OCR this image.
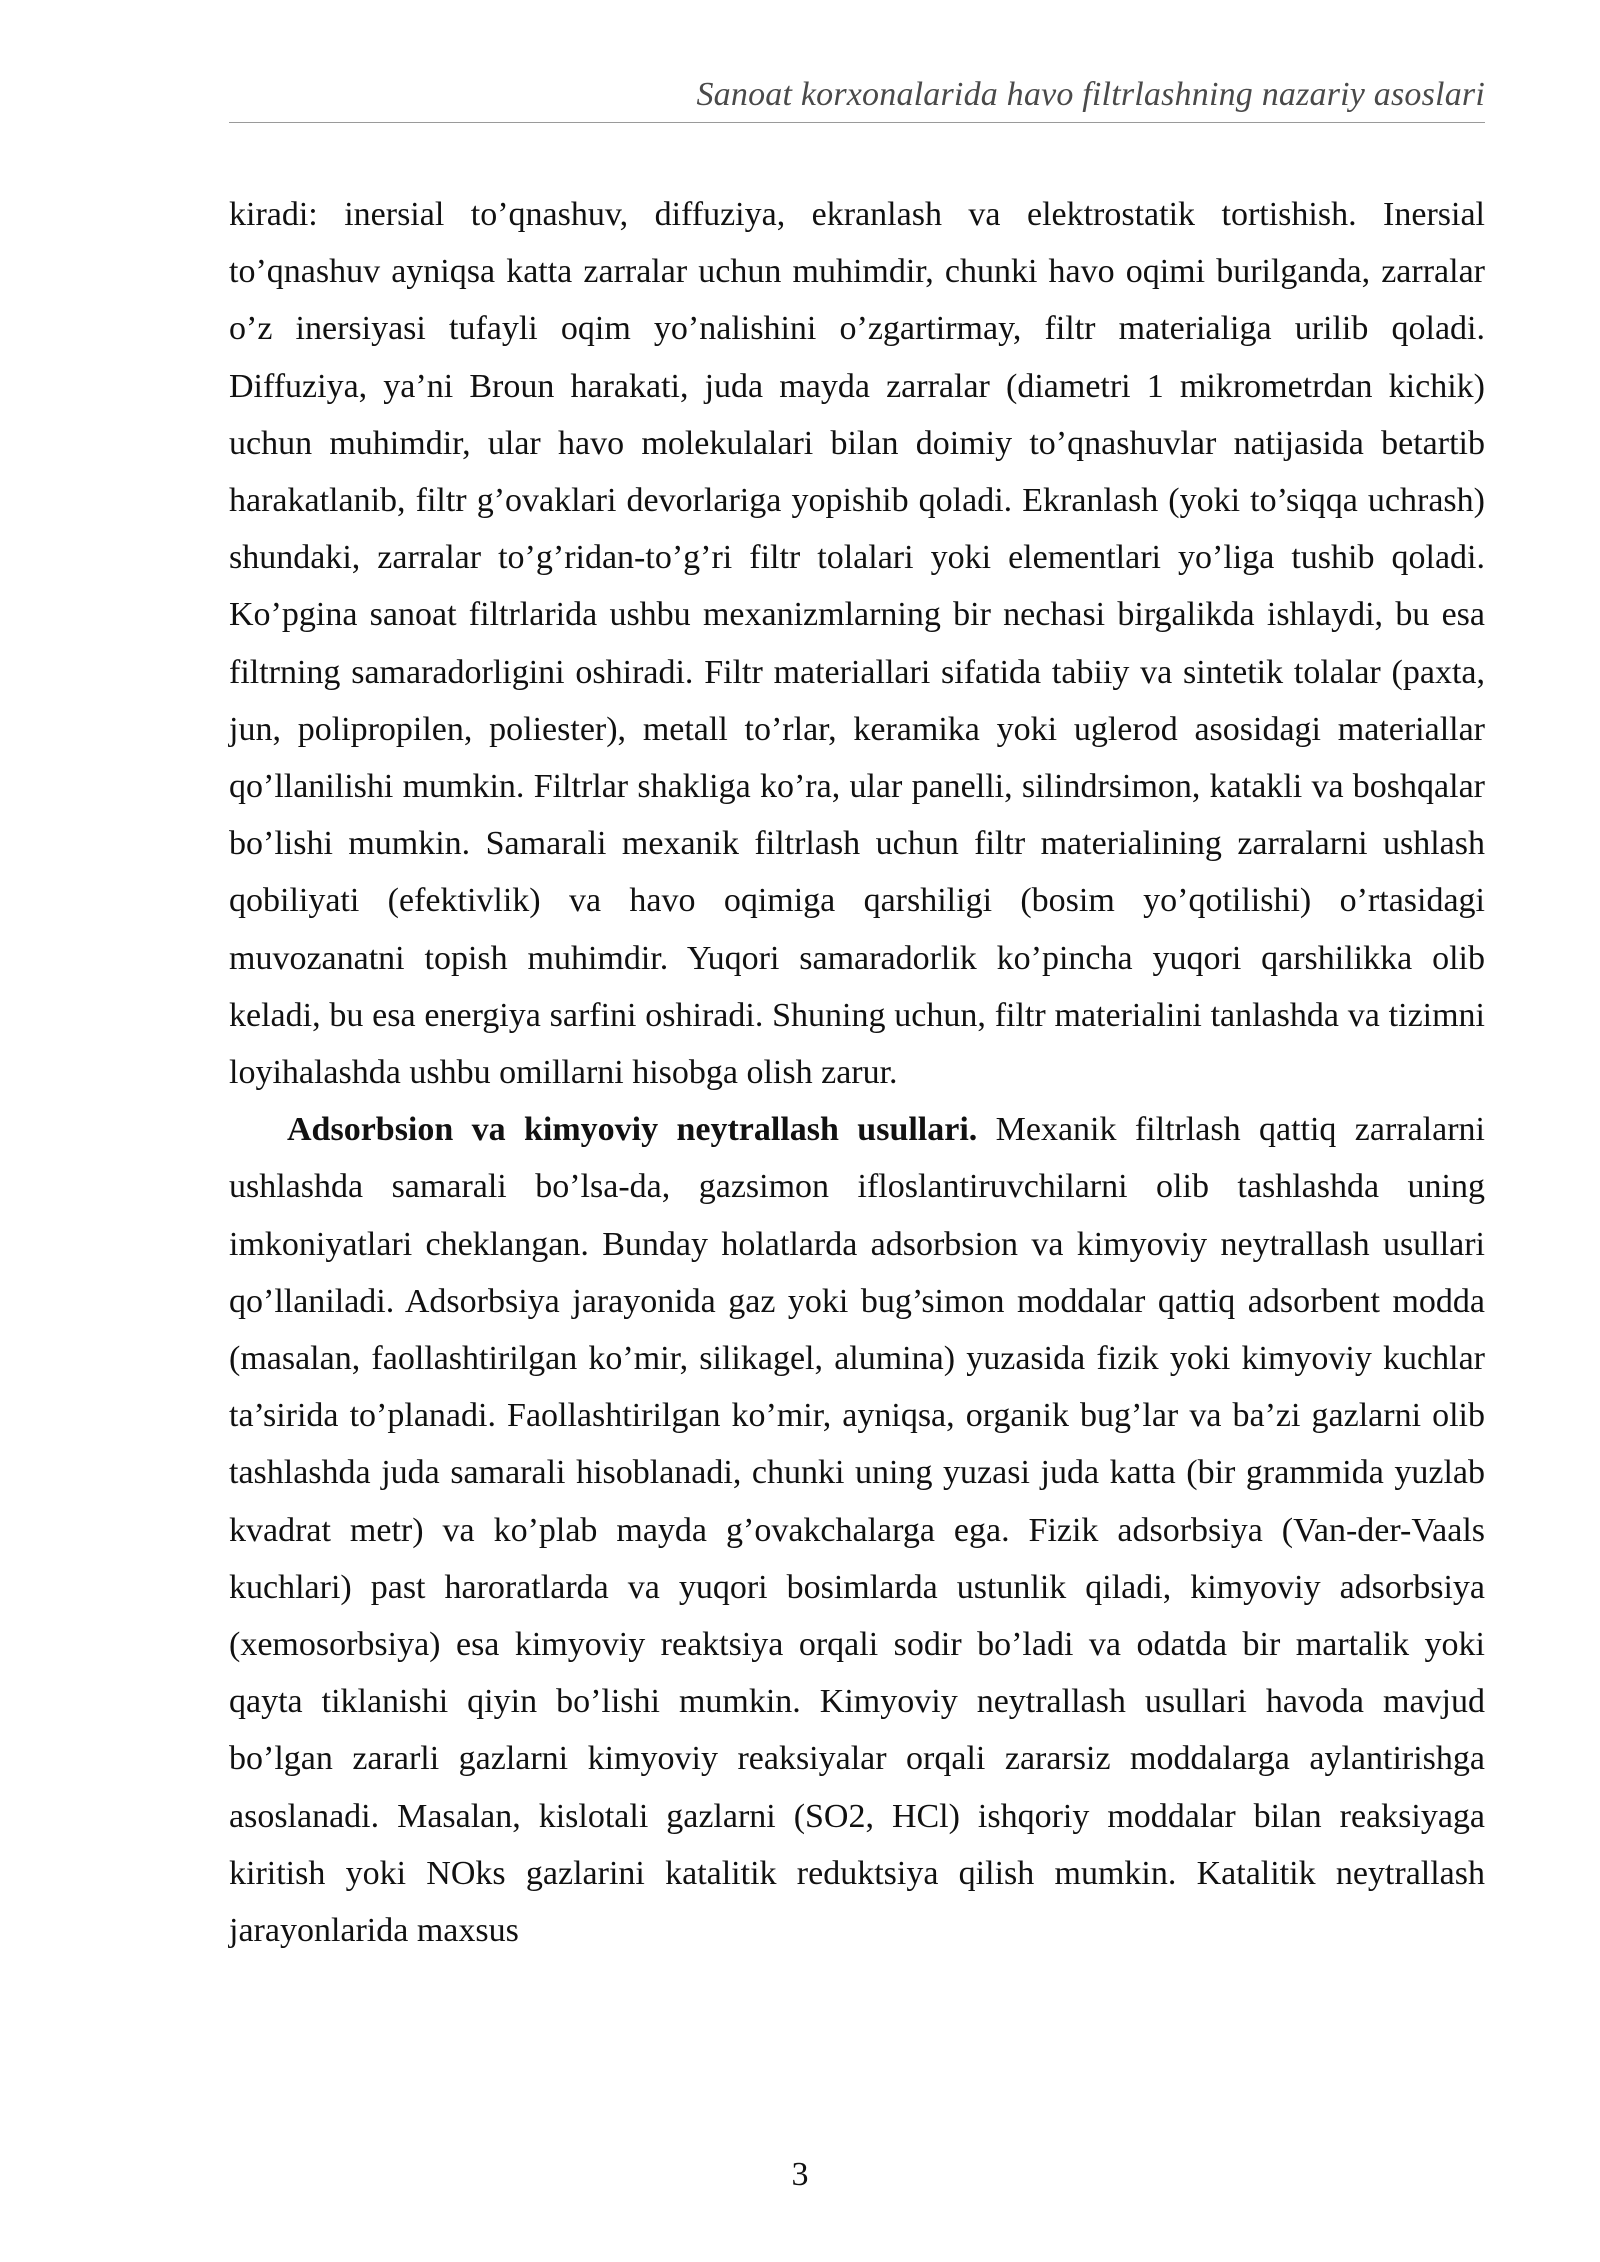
Sanoat korxonalarida havo filtrlashning nazariy asoslari

kiradi: inersial to’qnashuv, diffuziya, ekranlash va elektrostatik tortishish. Inersial to’qnashuv ayniqsa katta zarralar uchun muhimdir, chunki havo oqimi burilganda, zarralar o’z inersiyasi tufayli oqim yo’nalishini o’zgartirmay, filtr materialiga urilib qoladi. Diffuziya, ya’ni Broun harakati, juda mayda zarralar (diametri 1 mikrometrdan kichik) uchun muhimdir, ular havo molekulalari bilan doimiy to’qnashuvlar natijasida betartib harakatlanib, filtr g’ovaklari devorlariga yopishib qoladi. Ekranlash (yoki to’siqqa uchrash) shundaki, zarralar to’g’ridan-to’g’ri filtr tolalari yoki elementlari yo’liga tushib qoladi. Ko’pgina sanoat filtrlarida ushbu mexanizmlarning bir nechasi birgalikda ishlaydi, bu esa filtrning samaradorligini oshiradi. Filtr materiallari sifatida tabiiy va sintetik tolalar (paxta, jun, polipropilen, poliester), metall to’rlar, keramika yoki uglerod asosidagi materiallar qo’llanilishi mumkin. Filtrlar shakliga ko’ra, ular panelli, silindrsimon, katakli va boshqalar bo’lishi mumkin. Samarali mexanik filtrlash uchun filtr materialining zarralarni ushlash qobiliyati (efektivlik) va havo oqimiga qarshiligi (bosim yo’qotilishi) o’rtasidagi muvozanatni topish muhimdir. Yuqori samaradorlik ko’pincha yuqori qarshilikka olib keladi, bu esa energiya sarfini oshiradi. Shuning uchun, filtr materialini tanlashda va tizimni loyihalashda ushbu omillarni hisobga olish zarur.

Adsorbsion va kimyoviy neytrallash usullari. Mexanik filtrlash qattiq zarralarni ushlashda samarali bo’lsa-da, gazsimon ifloslantiruvchilarni olib tashlashda uning imkoniyatlari cheklangan. Bunday holatlarda adsorbsion va kimyoviy neytrallash usullari qo’llaniladi. Adsorbsiya jarayonida gaz yoki bug’simon moddalar qattiq adsorbent modda (masalan, faollashtirilgan ko’mir, silikagel, alumina) yuzasida fizik yoki kimyoviy kuchlar ta’sirida to’planadi. Faollashtirilgan ko’mir, ayniqsa, organik bug’lar va ba’zi gazlarni olib tashlashda juda samarali hisoblanadi, chunki uning yuzasi juda katta (bir grammida yuzlab kvadrat metr) va ko’plab mayda g’ovakchalarga ega. Fizik adsorbsiya (Van-der-Vaals kuchlari) past haroratlarda va yuqori bosimlarda ustunlik qiladi, kimyoviy adsorbsiya (xemosorbsiya) esa kimyoviy reaktsiya orqali sodir bo’ladi va odatda bir martalik yoki qayta tiklanishi qiyin bo’lishi mumkin. Kimyoviy neytrallash usullari havoda mavjud bo’lgan zararli gazlarni kimyoviy reaksiyalar orqali zararsiz moddalarga aylantirishga asoslanadi. Masalan, kislotali gazlarni (SO2, HCl) ishqoriy moddalar bilan reaksiyaga kiritish yoki NOks gazlarini katalitik reduktsiya qilish mumkin. Katalitik neytrallash jarayonlarida maxsus

3
